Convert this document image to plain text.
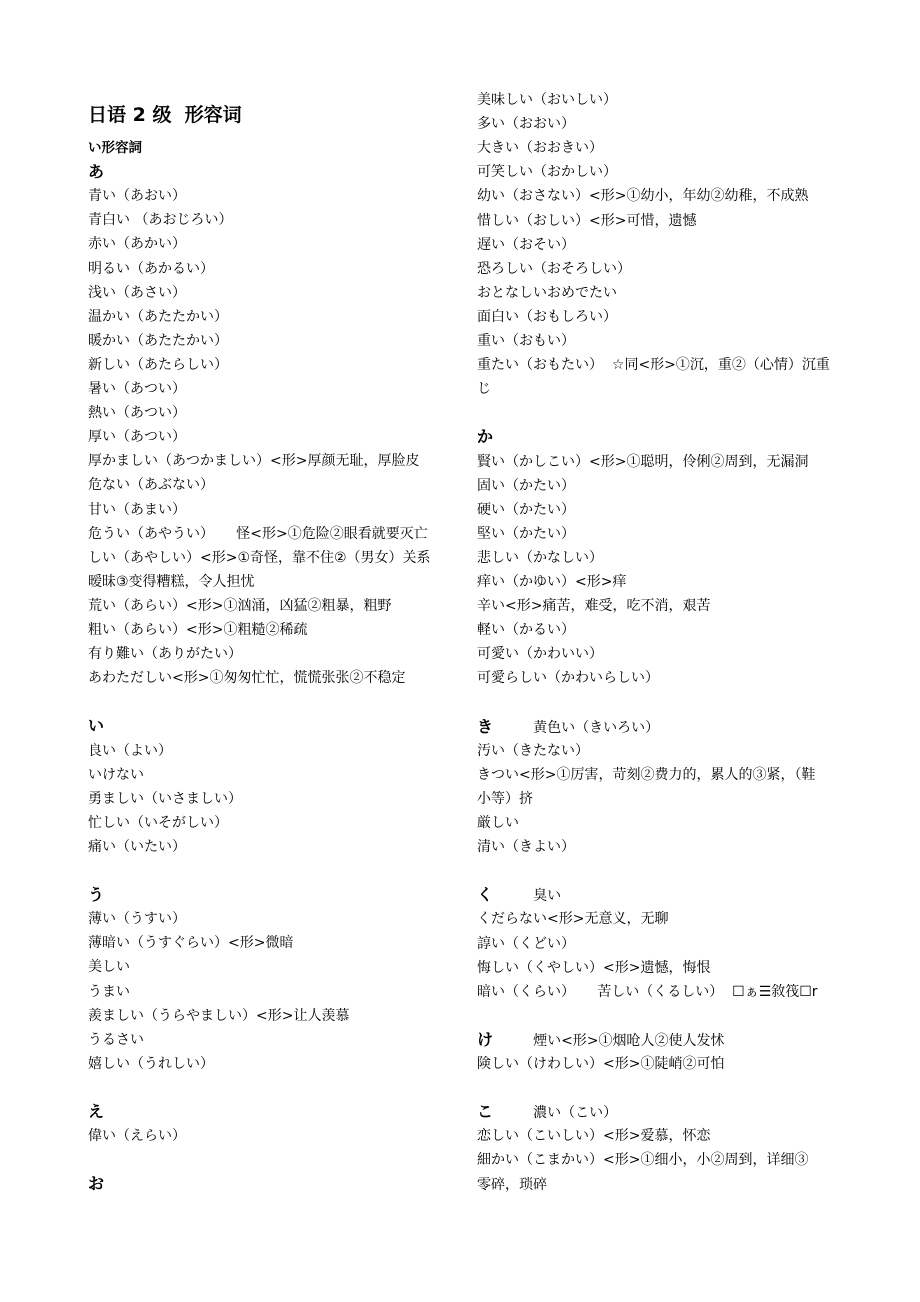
日语 2 级  形容词
い形容詞
あ
青い（あおい）
青白い （あおじろい）
赤い（あかい）
明るい（あかるい）
浅い（あさい）
温かい（あたたかい）
暖かい（あたたかい）
新しい（あたらしい）
暑い（あつい）
熱い（あつい）
厚い（あつい）
厚かましい（あつかましい）<形>厚颜无耻，厚脸皮
危ない（あぶない）
甘い（あまい）
危うい（あやうい）     怪<形>①危险②眼看就要灭亡
しい（あやしい）<形>①奇怪，靠不住②（男女）关系
暧昧③变得糟糕，令人担忧
荒い（あらい）<形>①汹涌，凶猛②粗暴，粗野
粗い（あらい）<形>①粗糙②稀疏
有り難い（ありがたい）
あわただしい<形>①匆匆忙忙，慌慌张张②不稳定
い
良い（よい）
いけない
勇ましい（いさましい）
忙しい（いそがしい）
痛い（いたい）
う
薄い（うすい）
薄暗い（うすぐらい）<形>微暗
美しい
うまい
羨ましい（うらやましい）<形>让人羡慕
うるさい
嬉しい（うれしい）
え
偉い（えらい）
お
美味しい（おいしい）
多い（おおい）
大きい（おおきい）
可笑しい（おかしい）
幼い（おさない）<形>①幼小，年幼②幼稚，不成熟
惜しい（おしい）<形>可惜，遗憾
遅い（おそい）
恐ろしい（おそろしい）
おとなしいおめでたい
面白い（おもしろい）
重い（おもい）
重たい（おもたい）  ☆同<形>①沉，重②（心情）沉重
じ
か
賢い（かしこい）<形>①聪明，伶俐②周到，无漏洞
固い（かたい）
硬い（かたい）
堅い（かたい）
悲しい（かなしい）
痒い（かゆい）<形>痒
辛い<形>痛苦，难受，吃不消，艰苦
軽い（かるい）
可愛い（かわいい）
可愛らしい（かわいらしい）
き         黄色い（きいろい）
汚い（きたない）
きつい<形>①厉害，苛刻②费力的，累人的③紧，（鞋
小等）挤
厳しい
清い（きよい）
く         臭い
くだらない<形>无意义，无聊
諄い（くどい）
悔しい（くやしい）<形>遗憾，悔恨
暗い（くらい）     苦しい（くるしい）  ☐ぁ☰敘筏☐r
け         煙い<形>①烟呛人②使人发怵
険しい（けわしい）<形>①陡峭②可怕
こ         濃い（こい）
恋しい（こいしい）<形>爱慕，怀恋
細かい（こまかい）<形>①细小，小②周到，详细③
零碎，琐碎
